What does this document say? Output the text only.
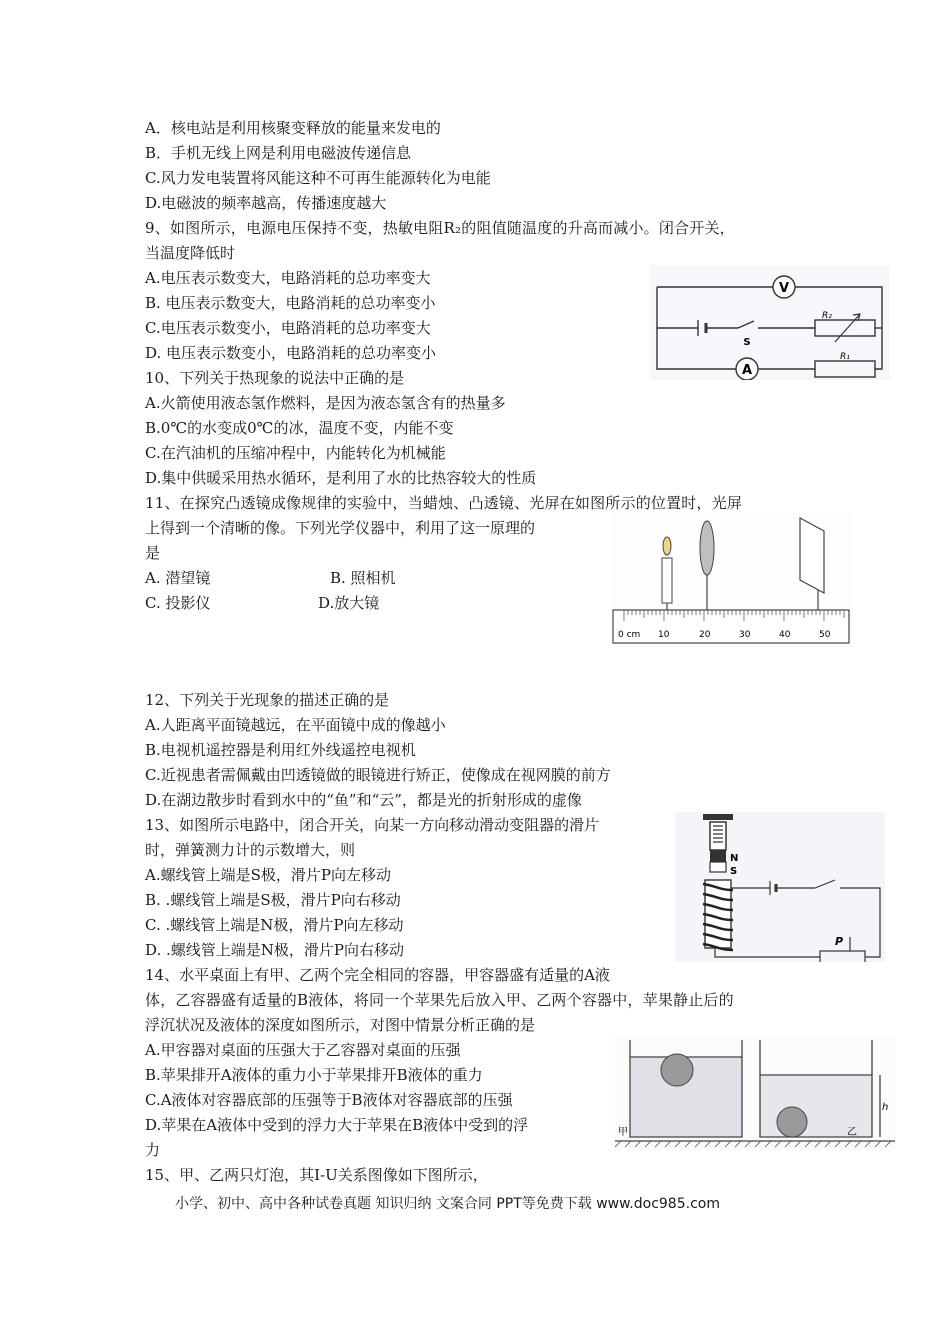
A．核电站是利用核聚变释放的能量来发电的
B．手机无线上网是利用电磁波传递信息
C.风力发电装置将风能这种不可再生能源转化为电能
D.电磁波的频率越高，传播速度越大
9、如图所示，电源电压保持不变，热敏电阻R₂的阻值随温度的升高而减小。闭合开关，
当温度降低时
A.电压表示数变大，电路消耗的总功率变大
B. 电压表示数变大，电路消耗的总功率变小
C.电压表示数变小，电路消耗的总功率变大
D. 电压表示数变小，电路消耗的总功率变小
10、下列关于热现象的说法中正确的是
A.火箭使用液态氢作燃料，是因为液态氢含有的热量多
B.0℃的水变成0℃的冰，温度不变，内能不变
C.在汽油机的压缩冲程中，内能转化为机械能
D.集中供暖采用热水循环，是利用了水的比热容较大的性质
11、在探究凸透镜成像规律的实验中，当蜡烛、凸透镜、光屏在如图所示的位置时，光屏
上得到一个清晰的像。下列光学仪器中，利用了这一原理的
是
A. 潜望镜	B. 照相机
C. 投影仪	D.放大镜
12、下列关于光现象的描述正确的是
A.人距离平面镜越远，在平面镜中成的像越小
B.电视机遥控器是利用红外线遥控电视机
C.近视患者需佩戴由凹透镜做的眼镜进行矫正，使像成在视网膜的前方
D.在湖边散步时看到水中的“鱼”和“云”，都是光的折射形成的虚像
13、如图所示电路中，闭合开关，向某一方向移动滑动变阻器的滑片
时，弹簧测力计的示数增大，则
A.螺线管上端是S极，滑片P向左移动
B. .螺线管上端是S极，滑片P向右移动
C. .螺线管上端是N极，滑片P向左移动
D. .螺线管上端是N极，滑片P向右移动
14、水平桌面上有甲、乙两个完全相同的容器，甲容器盛有适量的A液
体，乙容器盛有适量的B液体，将同一个苹果先后放入甲、乙两个容器中，苹果静止后的
浮沉状况及液体的深度如图所示，对图中情景分析正确的是
A.甲容器对桌面的压强大于乙容器对桌面的压强
B.苹果排开A液体的重力小于苹果排开B液体的重力
C.A液体对容器底部的压强等于B液体对容器底部的压强
D.苹果在A液体中受到的浮力大于苹果在B液体中受到的浮
力
15、甲、乙两只灯泡，其I-U关系图像如下图所示，
V
A
S
R₂
R₁
0 cm 10	20	30	40	50
N
S
P
甲	乙
h
小学、初中、高中各种试卷真题 知识归纳 文案合同 PPT等免费下载 www.doc985.com
